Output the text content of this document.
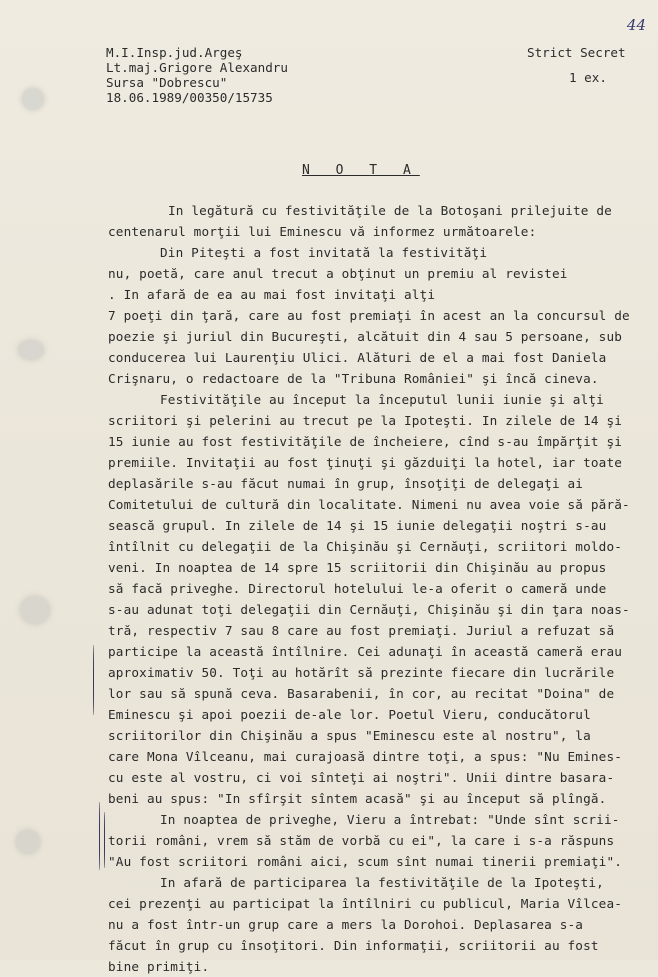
44
M.I.Insp.jud.Argeş
Lt.maj.Grigore Alexandru
Sursa "Dobrescu"
18.06.1989/00350/15735
Strict Secret
1 ex.
N O T A
In legătură cu festivităţile de la Botoşani prilejuite de
centenarul morţii lui Eminescu vă informez următoarele:
Din Piteşti a fost invitată la festivităţi
nu, poetă, care anul trecut a obţinut un premiu al revistei
. In afară de ea au mai fost invitaţi alţi
7 poeţi din ţară, care au fost premiaţi în acest an la concursul de
poezie şi juriul din Bucureşti, alcătuit din 4 sau 5 persoane, sub
conducerea lui Laurenţiu Ulici. Alături de el a mai fost Daniela
Crişnaru, o redactoare de la "Tribuna României" şi încă cineva.
Festivităţile au început la începutul lunii iunie şi alţi
scriitori şi pelerini au trecut pe la Ipoteşti. In zilele de 14 şi
15 iunie au fost festivităţile de încheiere, cînd s-au împărţit şi
premiile. Invitaţii au fost ţinuţi şi găzduiţi la hotel, iar toate
deplasările s-au făcut numai în grup, însoţiţi de delegaţi ai
Comitetului de cultură din localitate. Nimeni nu avea voie să pără-
sească grupul. In zilele de 14 şi 15 iunie delegaţii noştri s-au
întîlnit cu delegaţii de la Chişinău şi Cernăuţi, scriitori moldo-
veni. In noaptea de 14 spre 15 scriitorii din Chişinău au propus
să facă priveghe. Directorul hotelului le-a oferit o cameră unde
s-au adunat toţi delegaţii din Cernăuţi, Chişinău şi din ţara noas-
tră, respectiv 7 sau 8 care au fost premiaţi. Juriul a refuzat să
participe la această întîlnire. Cei adunaţi în această cameră erau
aproximativ 50. Toţi au hotărît să prezinte fiecare din lucrările
lor sau să spună ceva. Basarabenii, în cor, au recitat "Doina" de
Eminescu şi apoi poezii de-ale lor. Poetul Vieru, conducătorul
scriitorilor din Chişinău a spus "Eminescu este al nostru", la
care Mona Vîlceanu, mai curajoasă dintre toţi, a spus: "Nu Emines-
cu este al vostru, ci voi sînteţi ai noştri". Unii dintre basara-
beni au spus: "In sfîrşit sîntem acasă" şi au început să plîngă.
In noaptea de priveghe, Vieru a întrebat: "Unde sînt scrii-
torii români, vrem să stăm de vorbă cu ei", la care i s-a răspuns
"Au fost scriitori români aici, scum sînt numai tinerii premiaţi".
In afară de participarea la festivităţile de la Ipoteşti,
cei prezenţi au participat la întîlniri cu publicul, Maria Vîlcea-
nu a fost într-un grup care a mers la Dorohoi. Deplasarea s-a
făcut în grup cu însoţitori. Din informaţii, scriitorii au fost
bine primiţi.
